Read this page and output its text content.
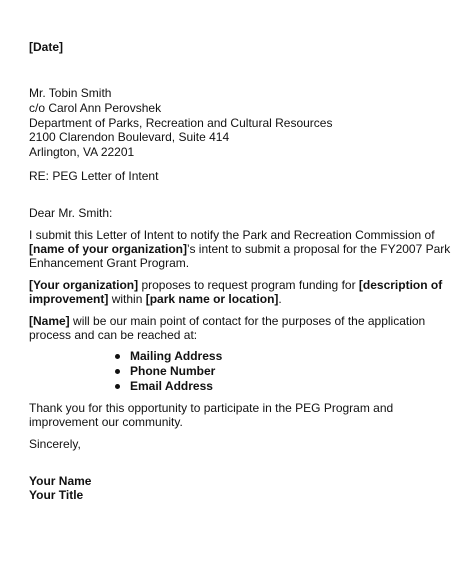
[Date]
Mr. Tobin Smith
c/o Carol Ann Perovshek
Department of Parks, Recreation and Cultural Resources
2100 Clarendon Boulevard, Suite 414
Arlington, VA 22201
RE: PEG Letter of Intent
Dear Mr. Smith:
I submit this Letter of Intent to notify the Park and Recreation Commission of
[name of your organization]’s intent to submit a proposal for the FY2007 Park
Enhancement Grant Program.
[Your organization] proposes to request program funding for [description of
improvement] within [park name or location].
[Name] will be our main point of contact for the purposes of the application
process and can be reached at:
Mailing Address
Phone Number
Email Address
Thank you for this opportunity to participate in the PEG Program and
improvement our community.
Sincerely,
Your Name
Your Title
